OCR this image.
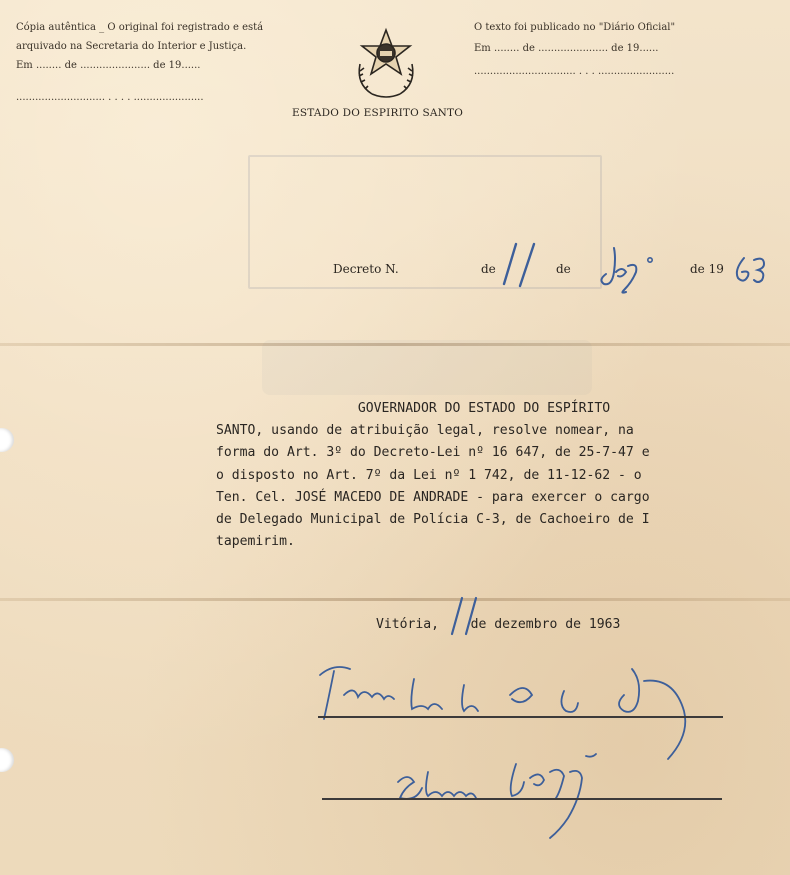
Cópia autêntica _ O original foi registrado e está
arquivado na Secretaria do Interior e Justiça.
Em ........ de ...................... de 19......
............................ . . . . ......................
O texto foi publicado no "Diário Oficial"
Em ........ de ...................... de 19......
................................ . . . ........................
ESTADO DO ESPIRITO SANTO
Decreto N.	de	de	de 19
GOVERNADOR DO ESTADO DO ESPÍRITO
SANTO, usando de atribuição legal, resolve nomear, na
forma do Art. 3º do Decreto-Lei nº 16 647, de 25-7-47 e
o disposto no Art. 7º da Lei nº 1 742, de 11-12-62 - o
Ten. Cel. JOSÉ MACEDO DE ANDRADE - para exercer o cargo
de Delegado Municipal de Polícia C-3, de Cachoeiro de I
tapemirim.
Vitória, de dezembro de 1963
